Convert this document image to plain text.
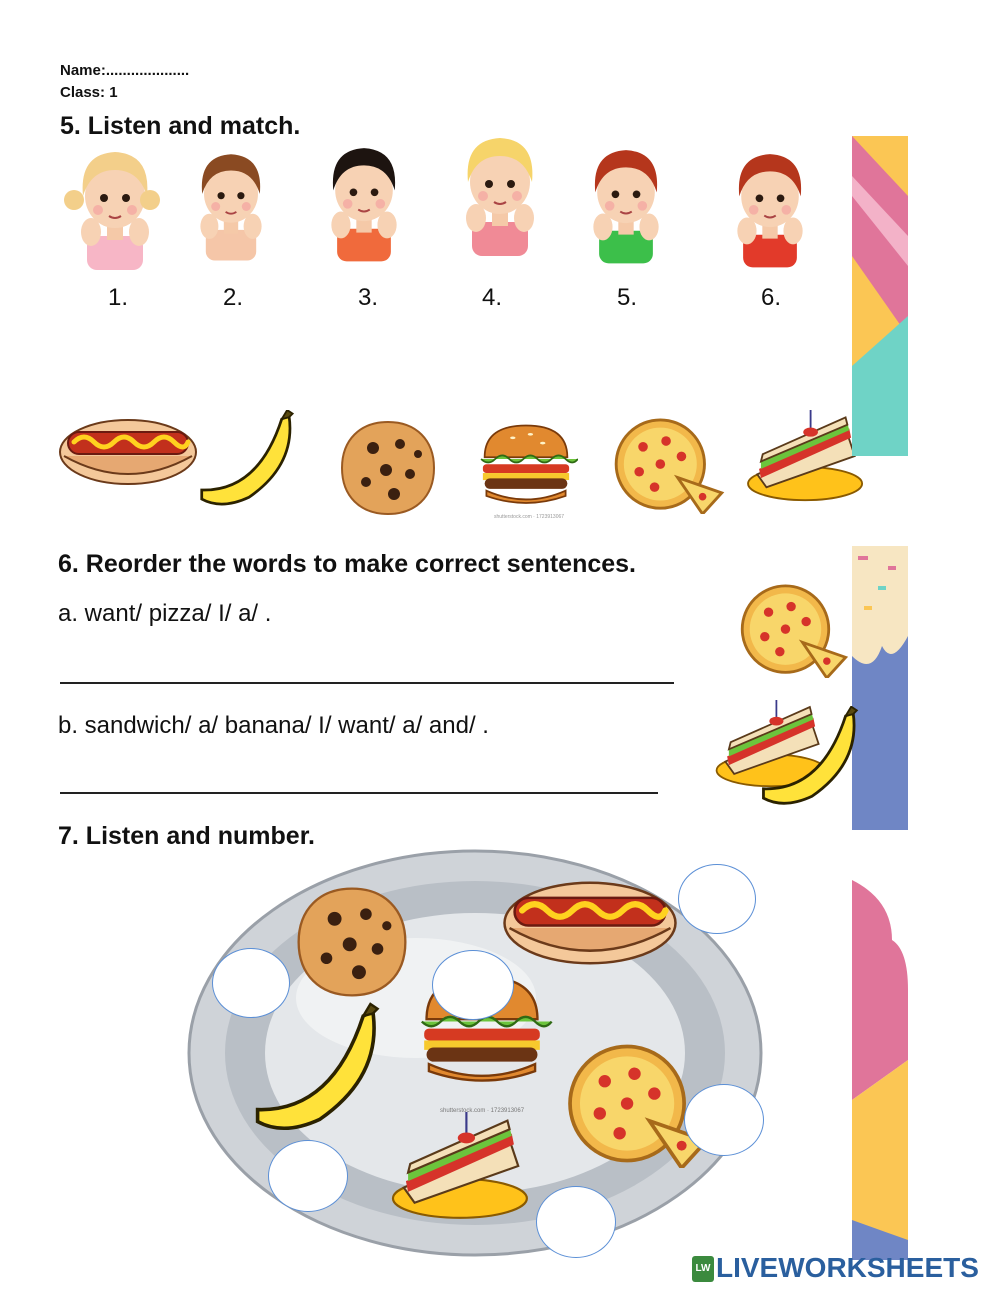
Name:....................
Class: 1
5. Listen and match.
1.	2.	3.	4.	5.	6.
shutterstock.com · 1723913067
6. Reorder the words to make correct sentences.
a. want/ pizza/ I/ a/ .
b. sandwich/ a/ banana/ I/ want/ a/ and/ .
7. Listen and number.
shutterstock.com · 1723913067
LW LIVEWORKSHEETS
